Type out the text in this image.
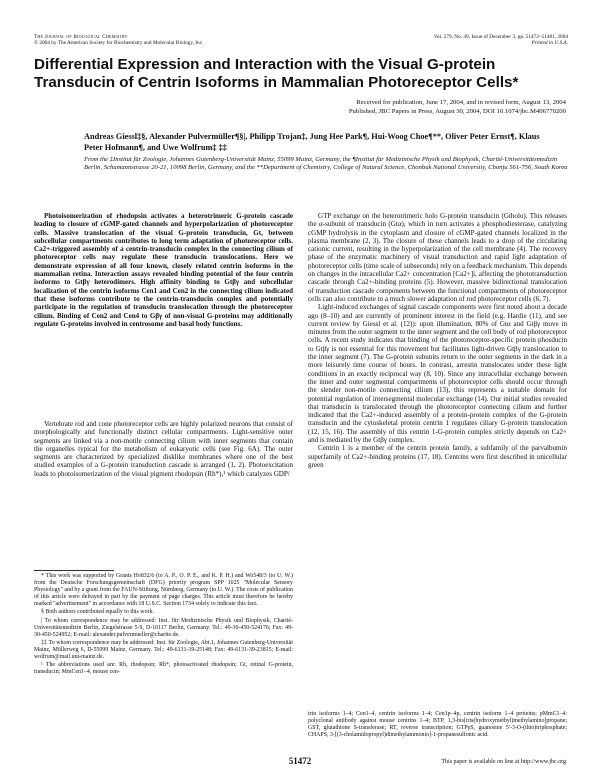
The Journal of Biological Chemistry
© 2004 by The American Society for Biochemistry and Molecular Biology, Inc.
Vol. 279, No. 49, Issue of December 3, pp. 51472–51481, 2004
Printed in U.S.A.
Differential Expression and Interaction with the Visual G-protein Transducin of Centrin Isoforms in Mammalian Photoreceptor Cells*
Received for publication, June 17, 2004, and in revised form, August 13, 2004
Published, JBC Papers in Press, August 30, 2004, DOI 10.1074/jbc.M406770200
Andreas Giessl‡§, Alexander Pulvermüller¶§|, Philipp Trojan‡, Jung Hee Park¶, Hui-Woog Choe¶**, Oliver Peter Ernst¶, Klaus Peter Hofmann¶, and Uwe Wolfrum‡ ‡‡
From the ‡Institut für Zoologie, Johannes Gutenberg-Universität Mainz, 55099 Mainz, Germany, the ¶Institut für Medizinische Physik und Biophysik, Charité-Universitätsmedizin Berlin, Schumannstrasse 20-21, 10098 Berlin, Germany, and the **Department of Chemistry, College of Natural Science, Chonbuk National University, Chonju 561-756, South Korea

Photoisomerization of rhodopsin activates a heterotrimeric G-protein cascade leading to closure of cGMP-gated channels and hyperpolarization of photoreceptor cells. Massive translocation of the visual G-protein transducin, Gt, between subcellular compartments contributes to long term adaptation of photoreceptor cells. Ca2+-triggered assembly of a centrin-transducin complex in the connecting cilium of photoreceptor cells may regulate these transducin translocations. Here we demonstrate expression of all four known, closely related centrin isoforms in the mammalian retina. Interaction assays revealed binding potential of the four centrin isoforms to Gtβγ heterodimers. High affinity binding to Gtβγ and subcellular localization of the centrin isoforms Cen1 and Cen2 in the connecting cilium indicated that these isoforms contribute to the centrin-transducin complex and potentially participate in the regulation of transducin translocation through the photoreceptor cilium. Binding of Cen2 and Cen4 to Gβγ of non-visual G-proteins may additionally regulate G-proteins involved in centrosome and basal body functions.

Vertebrate rod and cone photoreceptor cells are highly polarized neurons that consist of morphologically and functionally distinct cellular compartments. Light-sensitive outer segments are linked via a non-motile connecting cilium with inner segments that contain the organelles typical for the metabolism of eukaryotic cells (see Fig. 6A). The outer segments are characterized by specialized disklike membranes where one of the best studied examples of a G-protein transduction cascade is arranged (1, 2). Photoexcitation leads to photoisomerization of the visual pigment rhodopsin (Rh*),¹ which catalyzes GDP/

GTP exchange on the heterotrimeric holo G-protein transducin (Gtholo). This releases the α-subunit of transducin (Gtα), which in turn activates a phosphodiesterase, catalyzing cGMP hydrolysis in the cytoplasm and closure of cGMP-gated channels localized in the plasma membrane (2, 3). The closure of these channels leads to a drop of the circulating cationic current, resulting in the hyperpolarization of the cell membrane (4). The recovery phase of the enzymatic machinery of visual transduction and rapid light adaptation of photoreceptor cells (time scale of subseconds) rely on a feedback mechanism. This depends on changes in the intracellular Ca2+ concentration [Ca2+]i, affecting the phototransduction cascade through Ca2+-binding proteins (5). However, massive bidirectional translocation of transduction cascade components between the functional compartments of photoreceptor cells can also contribute to a much slower adaptation of rod photoreceptor cells (6, 7).

Light-induced exchanges of signal cascade components were first noted about a decade ago (8–10) and are currently of prominent interest in the field (e.g. Hardie (11), and see current review by Giessl et al. (12)): upon illumination, 80% of Gtα and Gtβγ move in minutes from the outer segment to the inner segment and the cell body of rod photoreceptor cells. A recent study indicates that binding of the photoreceptor-specific protein phosducin to Gtβγ is not essential for this movement but facilitates light-driven Gtβγ translocation to the inner segment (7). The G-protein subunits return to the outer segments in the dark in a more leisurely time course of hours. In contrast, arrestin translocates under these light conditions in an exactly reciprocal way (8, 10). Since any intracellular exchange between the inner and outer segmental compartments of photoreceptor cells should occur through the slender non-motile connecting cilium (13), this represents a suitable domain for potential regulation of intersegmental molecular exchange (14). Our initial studies revealed that transducin is translocated through the photoreceptor connecting cilium and further indicated that the Ca2+-induced assembly of a protein-protein complex of the G-protein transducin and the cytoskeletal protein centrin 1 regulates ciliary G-protein translocation (12, 15, 16). The assembly of this centrin 1-G-protein complex strictly depends on Ca2+ and is mediated by the Gtβγ complex.

Centrin 1 is a member of the centrin protein family, a subfamily of the parvalbumin superfamily of Ca2+-binding proteins (17, 18). Centrins were first described in unicellular green

* This work was supported by Grants Ho832/6 (to A. P., O. P. E., and K. P. H.) and Wo548/3 (to U. W.) from the Deutsche Forschungsgemeinschaft (DFG) priority program SPP 1025 "Molecular Sensory Physiology" and by a grant from the FAUN-Stiftung, Nürnberg, Germany (to U. W.). The costs of publication of this article were defrayed in part by the payment of page charges. This article must therefore be hereby marked "advertisement" in accordance with 18 U.S.C. Section 1734 solely to indicate this fact.

§ Both authors contributed equally to this work.

| To whom correspondence may be addressed: Inst. für Medizinische Physik und Biophysik, Charité-Universitätsmedizin Berlin, Ziegelstrasse 5-9, D-10117 Berlin, Germany. Tel.: 49-30-450-524176; Fax: 49-30-450-524952; E-mail: alexander.pulvermueller@charite.de.

‡‡ To whom correspondence may be addressed: Inst. für Zoologie, Abt.1, Johannes Gutenberg-Universität Mainz, Müllerweg 6, D-55099 Mainz, Germany. Tel.: 49-6131-39-25148; Fax: 49-6131-39-23815; E-mail: wolfrum@mail.uni-mainz.de.

¹ The abbreviations used are: Rh, rhodopsin; Rh*, photoactivated rhodopsin; Gt, retinal G-protein, transducin; MmCen1–4, mouse cen-

trin isoforms 1–4; Cen1–4, centrin isoforms 1–4; Cen1p–4p, centrin isoform 1–4 proteins; pMmC1–4: polyclonal antibody against mouse centrins 1–4; BTP, 1,3-bis[tris(hydroxymethyl)methylamino]propane; GST, glutathione S-transferase; RT, reverse transcription; GTPγS, guanosine 5′-3-O-(thio)triphosphate; CHAPS, 3-[(3-cholamidopropyl)dimethylammonio]-1-propanesulfonic acid.

51472	This paper is available on line at http://www.jbc.org
